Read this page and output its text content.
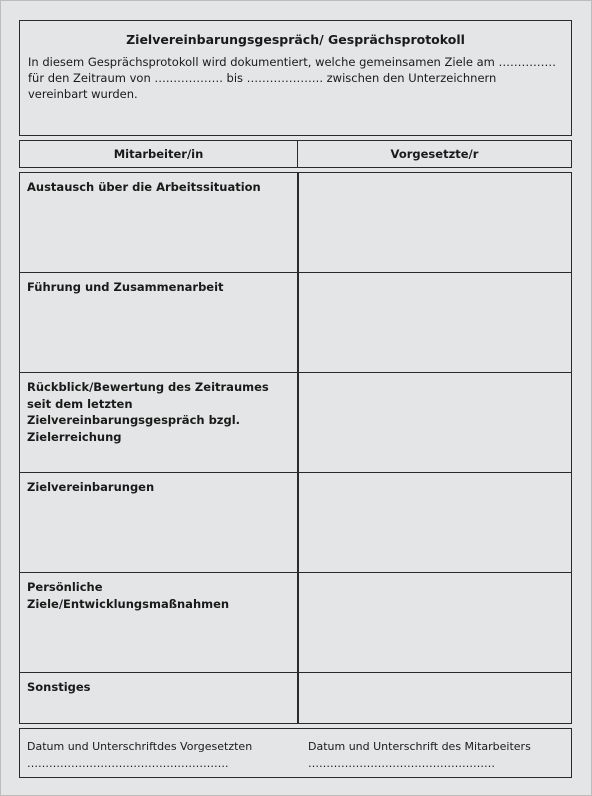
Zielvereinbarungsgespräch/ Gesprächsprotokoll
In diesem Gesprächsprotokoll wird dokumentiert, welche gemeinsamen Ziele am …………… für den Zeitraum von …..…………. bis ……………….. zwischen den Unterzeichnern vereinbart wurden.
Mitarbeiter/in	Vorgesetzte/r
Austausch über die Arbeitssituation
Führung und Zusammenarbeit
Rückblick/Bewertung des Zeitraumes seit dem letzten Zielvereinbarungsgespräch bzgl. Zielerreichung
Zielvereinbarungen
Persönliche Ziele/Entwicklungsmaßnahmen
Sonstiges
Datum und Unterschriftdes Vorgesetzten
……………………………………………….
Datum und Unterschrift des Mitarbeiters
……………………………………………
